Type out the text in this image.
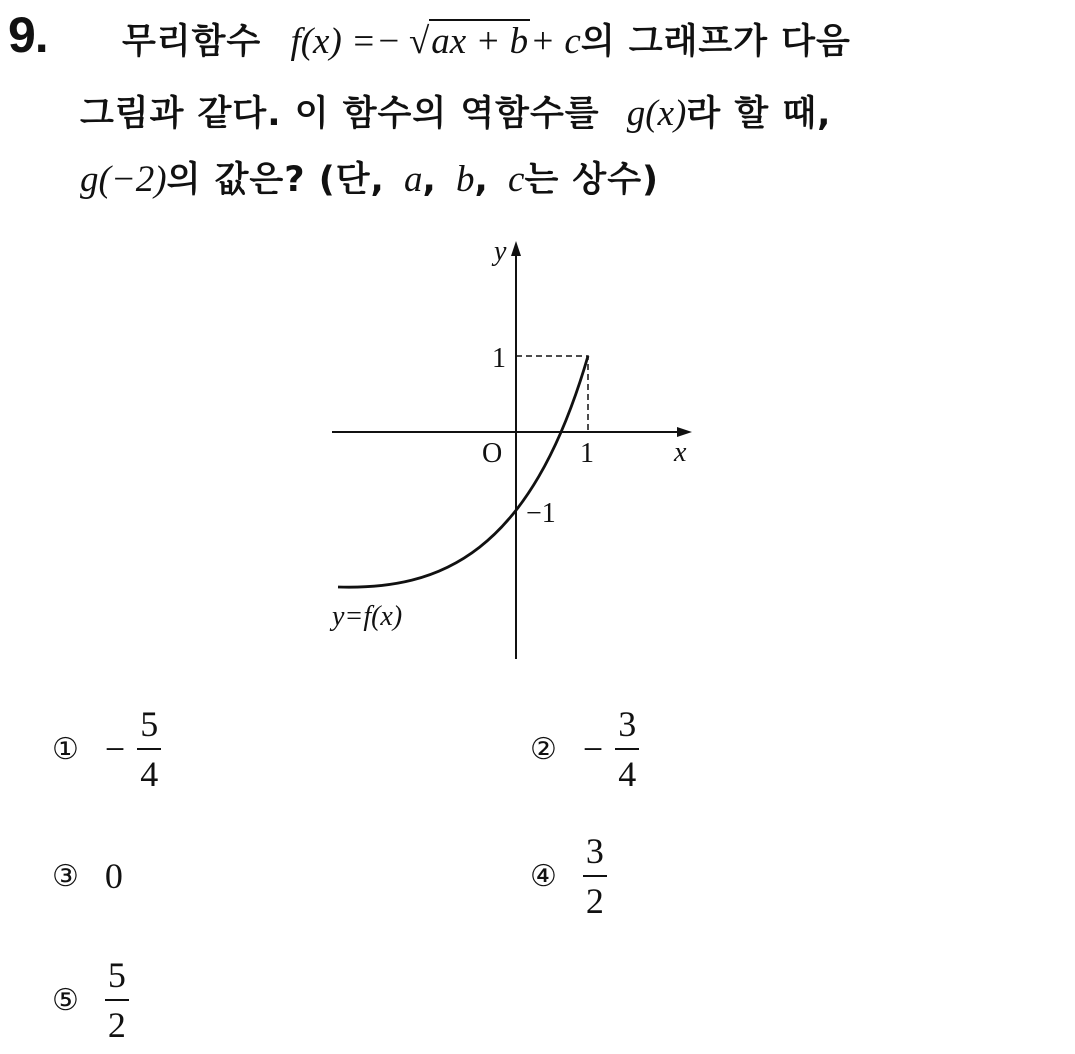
9. 무리함수 f(x) =− √ax + b+ c의 그래프가 다음
그림과 같다. 이 함수의 역함수를 g(x)라 할 때,
g(−2)의 값은? (단, a, b, c는 상수)
y
x
O
1
1
−1
y=f(x)
① − $\frac{5}{4}$	② − $\frac{3}{4}$
③ 0	④ $\frac{3}{2}$
⑤ $\frac{5}{2}$
